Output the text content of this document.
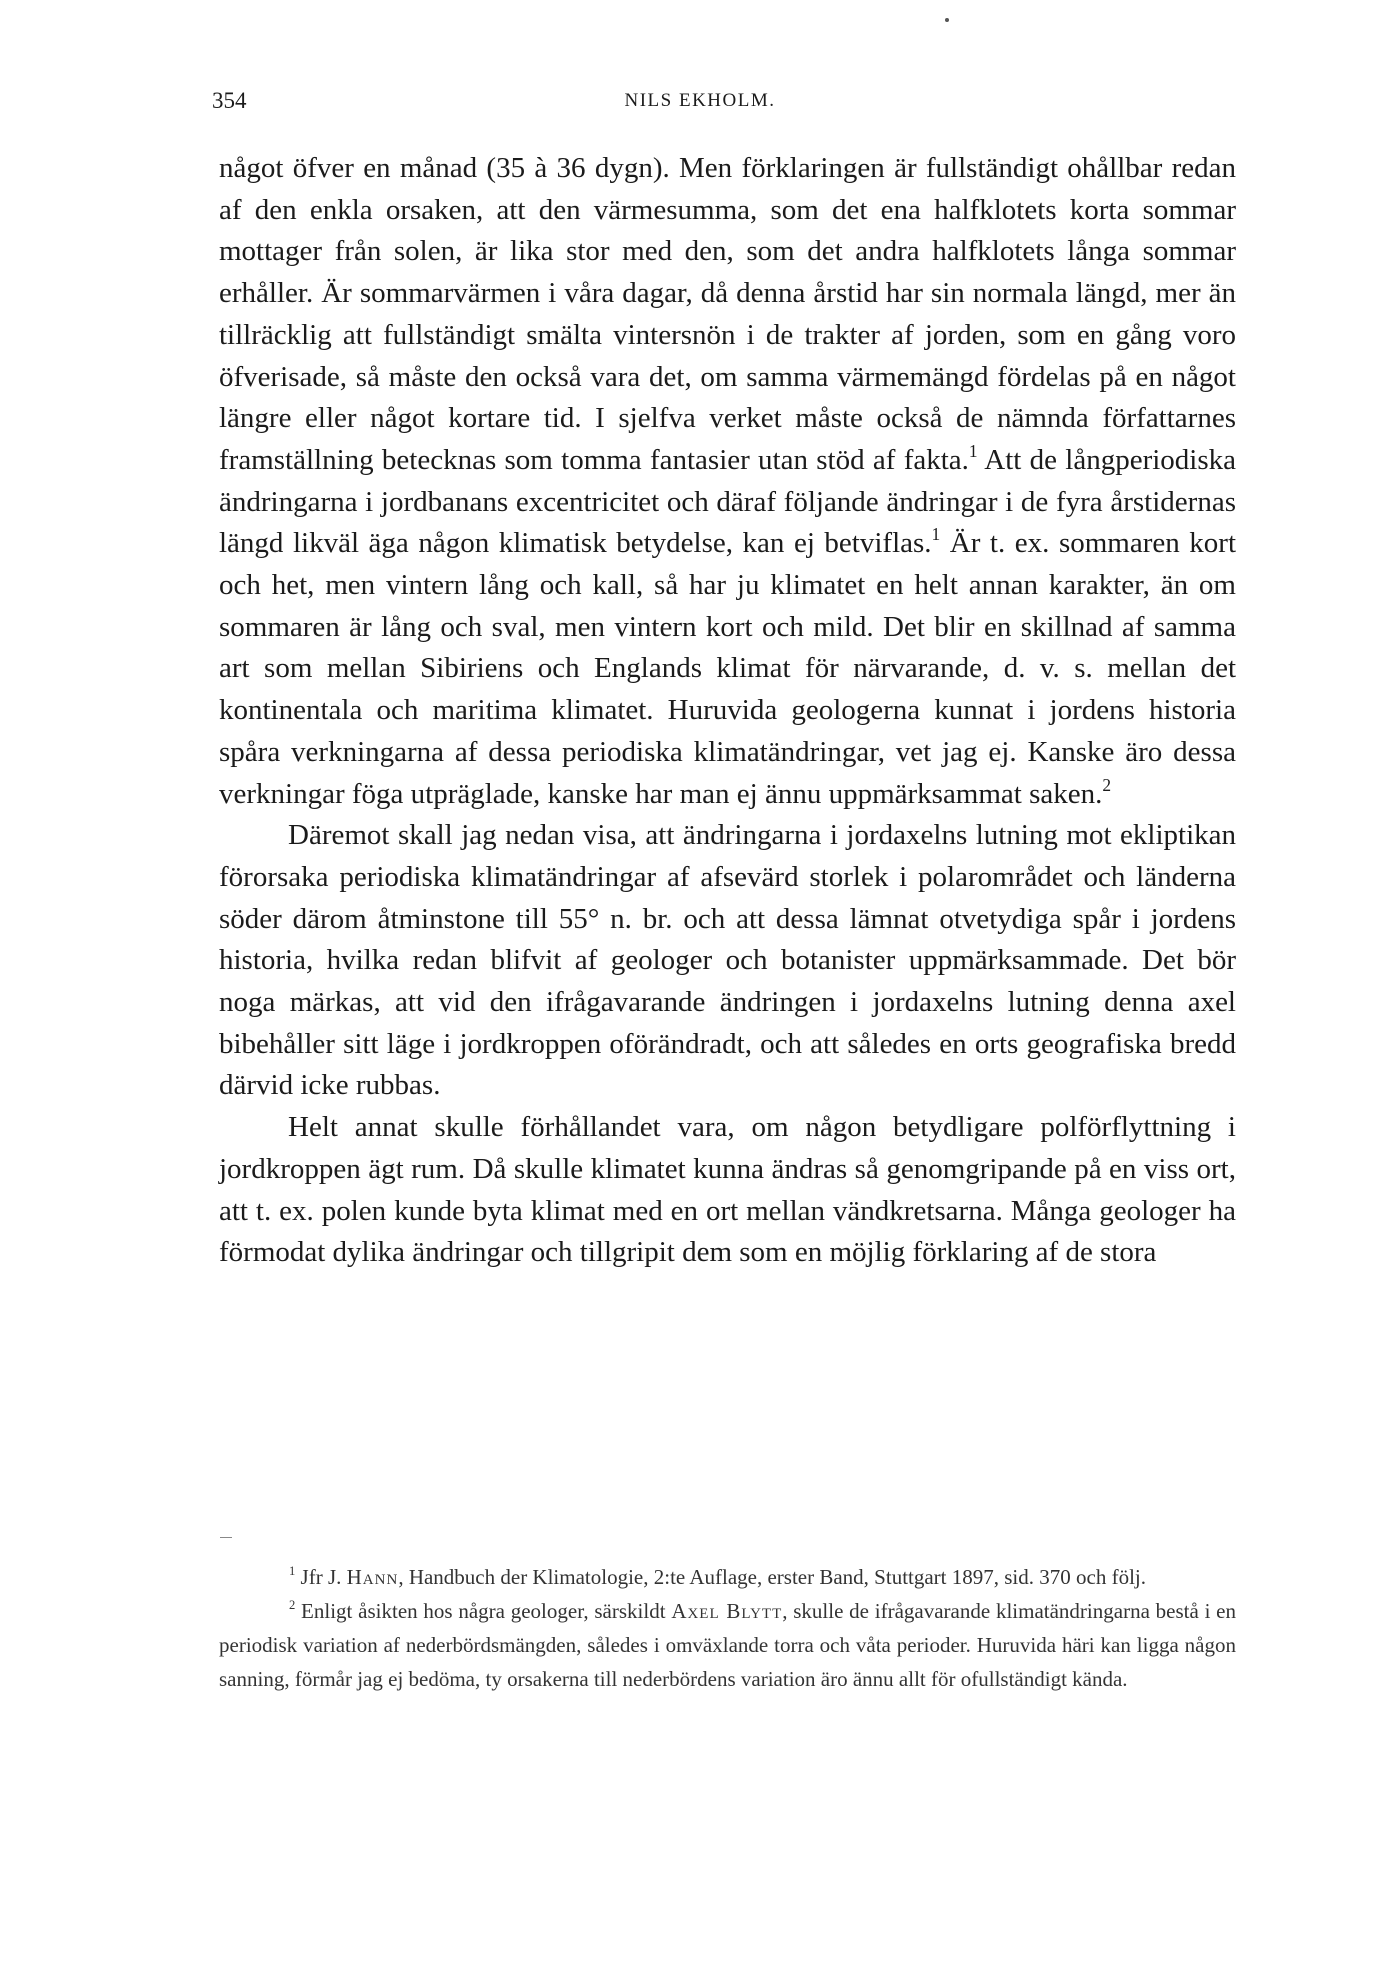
354	NILS EKHOLM.

något öfver en månad (35 à 36 dygn). Men förklaringen är fullständigt ohållbar redan af den enkla orsaken, att den värmesumma, som det ena halfklotets korta sommar mottager från solen, är lika stor med den, som det andra halfklotets långa sommar erhåller. Är sommarvärmen i våra dagar, då denna årstid har sin normala längd, mer än tillräcklig att fullständigt smälta vintersnön i de trakter af jorden, som en gång voro öfverisade, så måste den också vara det, om samma värmemängd fördelas på en något längre eller något kortare tid. I sjelfva verket måste också de nämnda författarnes framställning betecknas som tomma fantasier utan stöd af fakta.$^1$ Att de långperiodiska ändringarna i jordbanans excentricitet och däraf följande ändringar i de fyra årstidernas längd likväl äga någon klimatisk betydelse, kan ej betviflas.$^1$ Är t. ex. sommaren kort och het, men vintern lång och kall, så har ju klimatet en helt annan karakter, än om sommaren är lång och sval, men vintern kort och mild. Det blir en skillnad af samma art som mellan Sibiriens och Englands klimat för närvarande, d. v. s. mellan det kontinentala och maritima klimatet. Huruvida geologerna kunnat i jordens historia spåra verkningarna af dessa periodiska klimatändringar, vet jag ej. Kanske äro dessa verkningar föga utpräglade, kanske har man ej ännu uppmärksammat saken.$^2$

Däremot skall jag nedan visa, att ändringarna i jordaxelns lutning mot ekliptikan förorsaka periodiska klimatändringar af afsevärd storlek i polarområdet och länderna söder därom åtminstone till 55° n. br. och att dessa lämnat otvetydiga spår i jordens historia, hvilka redan blifvit af geologer och botanister uppmärksammade. Det bör noga märkas, att vid den ifrågavarande ändringen i jordaxelns lutning denna axel bibehåller sitt läge i jordkroppen oförändradt, och att således en orts geografiska bredd därvid icke rubbas.

Helt annat skulle förhållandet vara, om någon betydligare polförflyttning i jordkroppen ägt rum. Då skulle klimatet kunna ändras så genomgripande på en viss ort, att t. ex. polen kunde byta klimat med en ort mellan vändkretsarna. Många geologer ha förmodat dylika ändringar och tillgripit dem som en möjlig förklaring af de stora

$^1$ Jfr J. Hann, Handbuch der Klimatologie, 2:te Auflage, erster Band, Stuttgart 1897, sid. 370 och följ.

$^2$ Enligt åsikten hos några geologer, särskildt Axel Blytt, skulle de ifrågavarande klimatändringarna bestå i en periodisk variation af nederbördsmängden, således i omväxlande torra och våta perioder. Huruvida häri kan ligga någon sanning, förmår jag ej bedöma, ty orsakerna till nederbördens variation äro ännu allt för ofullständigt kända.
